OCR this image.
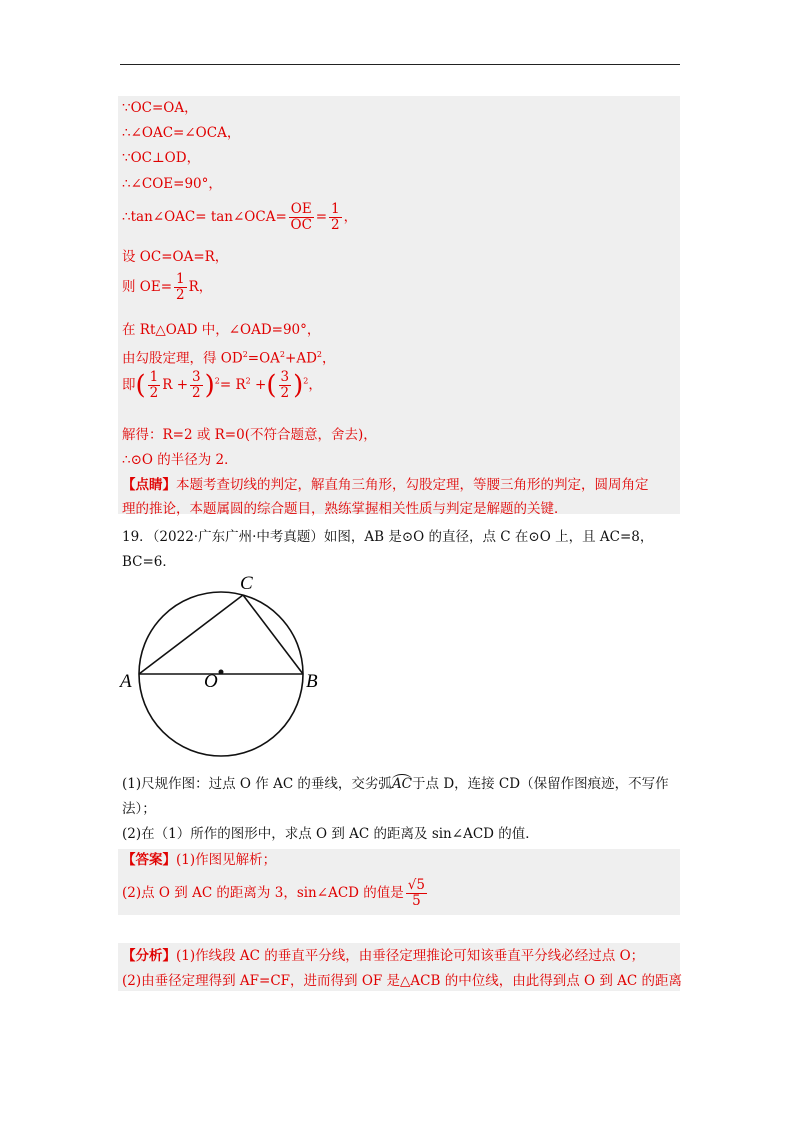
∵OC=OA，
∴∠OAC=∠OCA，
∵OC⊥OD，
∴∠COE=90°，
∴tan∠OAC= tan∠OCA= $\frac{OE}{OC} = \frac{1}{2}$ ，
设 OC=OA=R，
则 $OE= \frac{1}{2}$ R，
在 Rt△OAD 中，∠OAD=90°，
由勾股定理，得 $OD^2=OA^2+AD^2$，
即( $\frac{1}{2}$ $R + \frac{3}{2} )^2= R^2$ +( $\frac{3}{2} )^2$，
解得：R=2 或 R=0(不符合题意，舍去)，
∴⊙O 的半径为 2．
【点睛】本题考查切线的判定，解直角三角形，勾股定理，等腰三角形的判定，圆周角定
理的推论，本题属圆的综合题目，熟练掌握相关性质与判定是解题的关键．
19．（2022·广东广州·中考真题）如图，AB 是⊙O 的直径，点 C 在⊙O 上，且 AC=8，
BC=6．
A	B
C
O
(1)尺规作图：过点 O 作 AC 的垂线，交劣弧AC于点 D，连接 CD（保留作图痕迹，不写作
法）；
(2)在（1）所作的图形中，求点 O 到 AC 的距离及 sin∠ACD 的值．
【答案】(1)作图见解析；
(2)点 O 到 AC 的距离为 3，sin∠ACD 的值是 $\frac{√5}{5}$
【分析】(1)作线段 AC 的垂直平分线，由垂径定理推论可知该垂直平分线必经过点 O；
(2)由垂径定理得到 AF=CF，进而得到 OF 是△ACB 的中位线，由此得到点 O 到 AC 的距离
